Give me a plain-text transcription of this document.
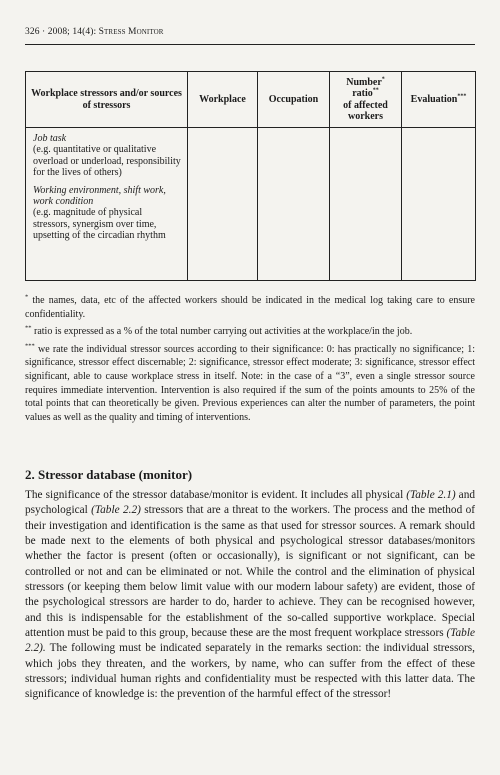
326 · 2008; 14(4): Stress Monitor
Workplace stressors and/or sources of stressors	Workplace	Occupation	Number*
ratio**
of affected workers	Evaluation***

Job task
(e.g. quantitative or qualitative overload or underload, responsibility for the lives of others)
Working environment, shift work, work condition
(e.g. magnitude of physical stressors, synergism over time, upsetting of the circadian rhythm				

* the names, data, etc of the affected workers should be indicated in the medical log taking care to ensure confidentiality.

** ratio is expressed as a % of the total number carrying out activities at the workplace/in the job.

*** we rate the individual stressor sources according to their significance: 0: has practically no significance; 1: significance, stressor effect discernable; 2: significance, stressor effect moderate; 3: significance, stressor effect significant, able to cause workplace stress in itself. Note: in the case of a “3”, even a single stressor source requires immediate intervention. Intervention is also required if the sum of the points amounts to 25% of the total points that can theoretically be given. Previous experiences can alter the number of parameters, the point values as well as the quality and timing of interventions.

2. Stressor database (monitor)
The significance of the stressor database/monitor is evident. It includes all physical (Table 2.1) and psychological (Table 2.2) stressors that are a threat to the workers. The process and the method of their investigation and identification is the same as that used for stressor sources. A remark should be made next to the elements of both physical and psychological stressor databases/monitors whether the factor is present (often or occasionally), is significant or not significant, can be controlled or not and can be eliminated or not. While the control and the elimination of physical stressors (or keeping them below limit value with our modern labour safety) are evident, those of the psychological stressors are harder to do, harder to achieve. They can be recognised however, and this is indispensable for the establishment of the so-called supportive workplace. Special attention must be paid to this group, because these are the most frequent workplace stressors (Table 2.2). The following must be indicated separately in the remarks section: the individual stressors, which jobs they threaten, and the workers, by name, who can suffer from the effect of these stressors; individual human rights and confidentiality must be respected with this latter data. The significance of knowledge is: the prevention of the harmful effect of the stressor!
